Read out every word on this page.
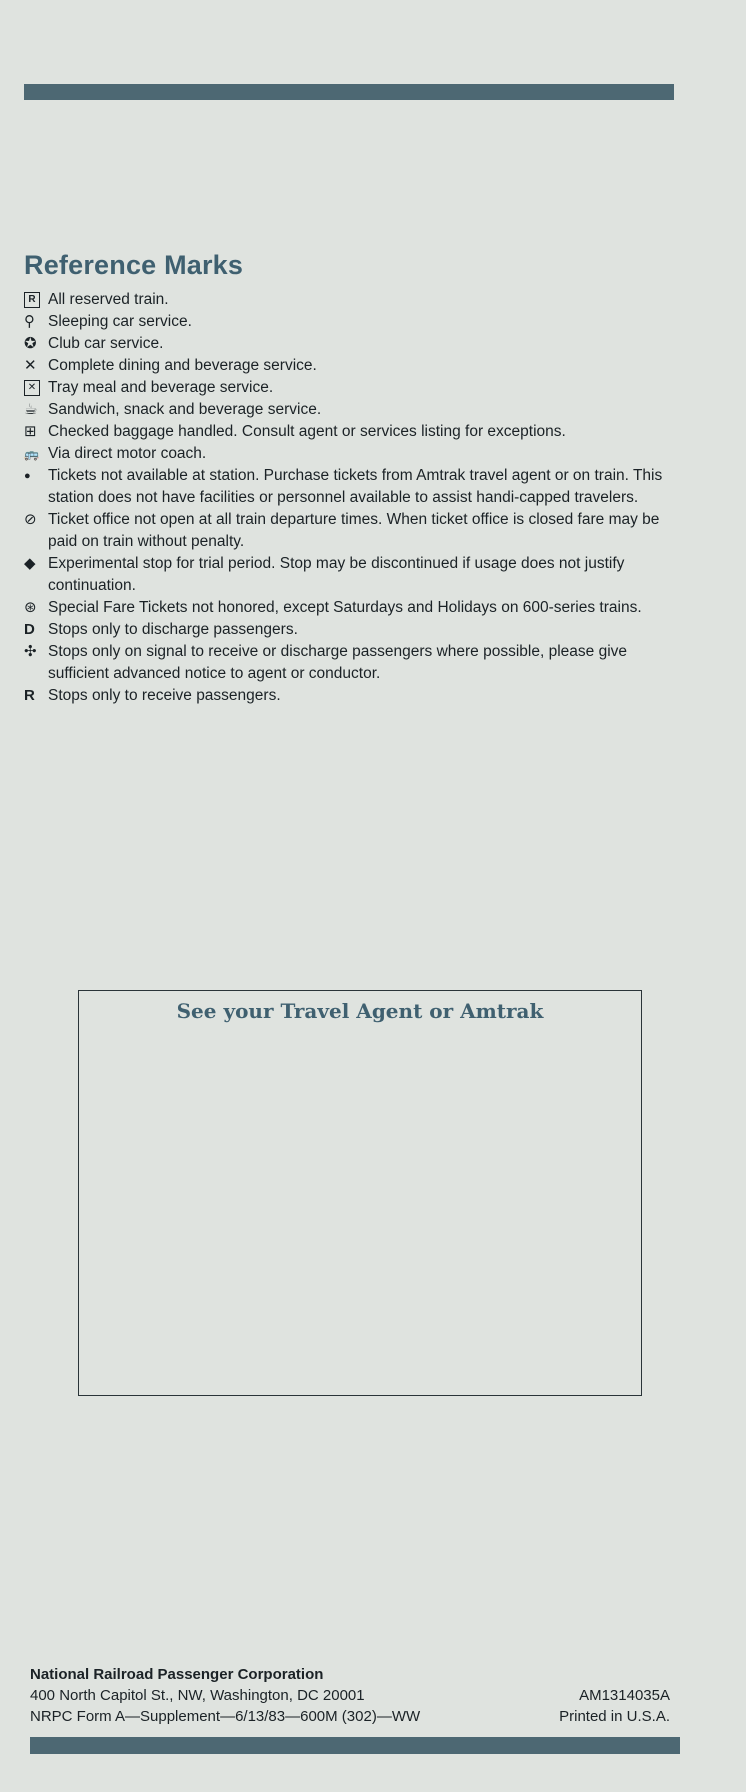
Reference Marks
R All reserved train.
⚲ Sleeping car service.
✪ Club car service.
✕ Complete dining and beverage service.
✕ Tray meal and beverage service.
☕ Sandwich, snack and beverage service.
⊞ Checked baggage handled. Consult agent or services listing for exceptions.
🚌 Via direct motor coach.
●	Tickets not available at station. Purchase tickets from Amtrak travel agent or on train. This station does not have facilities or personnel available to assist handi-capped travelers.
⊘ Ticket office not open at all train departure times. When ticket office is closed fare may be paid on train without penalty.
◆ Experimental stop for trial period. Stop may be discontinued if usage does not justify continuation.
⊛ Special Fare Tickets not honored, except Saturdays and Holidays on 600-series trains.
D Stops only to discharge passengers.
✣ Stops only on signal to receive or discharge passengers where possible, please give sufficient advanced notice to agent or conductor.
R Stops only to receive passengers.
See your Travel Agent or Amtrak
National Railroad Passenger Corporation
400 North Capitol St., NW, Washington, DC 20001	AM1314035A
NRPC Form A—Supplement—6/13/83—600M (302)—WW	Printed in U.S.A.
